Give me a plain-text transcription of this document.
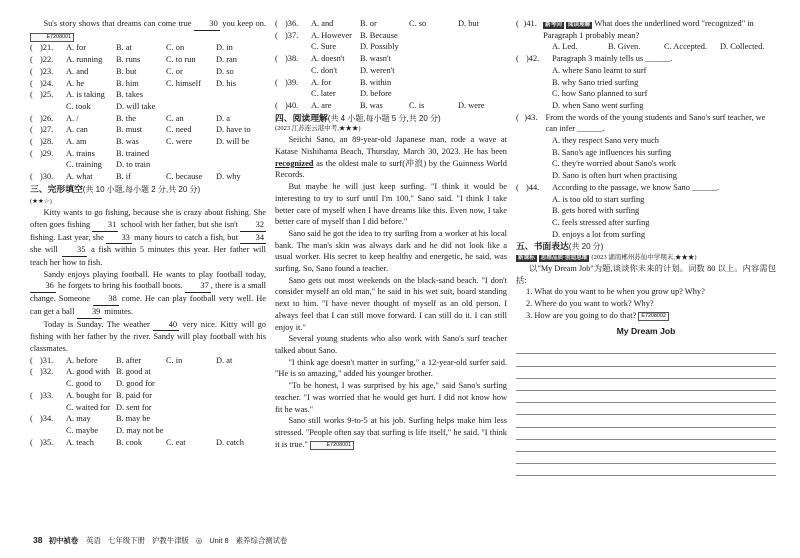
Su's story shows that dreams can come true 30 you keep on. E7208001
( )21.	A. for	B. at	C. on	D. in
( )22.	A. running	B. runs	C. to run	D. ran
( )23.	A. and	B. but	C. or	D. so
( )24.	A. he	B. him	C. himself	D. his
( )25.	A. is taking	B. takes
C. took	D. will take
( )26.	A. /	B. the	C. an	D. a
( )27.	A. can	B. must	C. need	D. have to
( )28.	A. am	B. was	C. were	D. will be
( )29.	A. trains	B. trained
C. training	D. to train
( )30.	A. what	B. if	C. because	D. why
三、完形填空(共 10 小题,每小题 2 分,共 20 分)
(★★☆)
Kitty wants to go fishing, because she is crazy about fishing. She often goes fishing 31 school with her father, but she isn't 32 fishing. Last year, she 33 many hours to catch a fish, but 34 she will 35 a fish within 5 minutes this year. Her father will teach her how to fish.
Sandy enjoys playing football. He wants to play football today, 36 he forgets to bring his football boots. 37 , there is a small change. Someone 38 come. He can play football very well. He can get a ball 39 minutes.
Today is Sunday. The weather 40 very nice. Kitty will go fishing with her father by the river. Sandy will play football with his classmates.
( )31.	A. before	B. after	C. in	D. at
( )32.	A. good with B. good at
C. good to	D. good for
( )33.	A. bought for B. paid for
C. waited for D. sent for
( )34.	A. may	B. may be
C. maybe	D. may not be
( )35.	A. teach	B. cook	C. eat	D. catch
( )36.	A. and	B. or	C. so	D. but
( )37.	A. However B. Because
C. Sure	D. Possibly
( )38.	A. doesn't	B. wasn't
C. don't	D. weren't
( )39.	A. for	B. within
C. later	D. before
( )40.	A. are	B. was	C. is	D. were
四、阅读理解(共 4 小题,每小题 5 分,共 20 分)
(2023 江苏连云港中考,★★★)
Seiichi Sano, an 89-year-old Japanese man, rode a wave at Katase Nishihama Beach, Thursday, March 30, 2023. He has been recognized as the oldest male to surf(冲浪) by the Guinness World Records.
But maybe he will just keep surfing. "I think it would be interesting to try to surf until I'm 100," Sano said. "I think I take better care of myself when I have dreams like this. Even now, I take better care of myself than I did before."
Sano said he got the idea to try surfing from a worker at his local bank. The man's skin was always dark and he did not look like a usual worker. His secret to keep healthy and energetic, he said, was surfing. So, Sano found a teacher.
Sano gets out most weekends on the black-sand beach. "I don't consider myself an old man," he said in his wet suit, board standing next to him. "I have never thought of myself as an old person. I always feel that I can still move forward. I can still do it. I can still enjoy it."
Several young students who also work with Sano's surf teacher talked about Sano.
"I think age doesn't matter in surfing," a 12-year-old surfer said. "He is so amazing," added his younger brother.
"To be honest, I was surprised by his age," said Sano's surfing teacher. "I was worried that he would get hurt. I did not know how fit he was."
Sano still works 9-to-5 at his job. Surfing helps make him less stressed. "People often say that surfing is life itself," he said. "I think it is true."	E7208001
( )41.	新考向 阅读理解 What does the underlined word "recognized" in Paragraph 1 probably mean?
A. Led.	B. Given.	C. Accepted.	D. Collected.
( )42.	Paragraph 3 mainly tells us ______.
A. where Sano learnt to surf
B. why Sano tried surfing
C. how Sano planned to surf
D. when Sano went surfing
( )43. From the words of the young students and Sano's surf teacher, we can infer ______.
A. they respect Sano very much
B. Sano's age influences his surfing
C. they're worried about Sano's work
D. Sano is often hurt when practising
( )44.	According to the passage, we know Sano ______.
A. is too old to start surfing
B. gets bored with surfing
C. feels stressed after surfing
D. enjoys a lot from surfing
五、书面表达(共 20 分)
新课标 思维品质·创造思维 (2023 湖南郴州苏仙中学期末,★★★)
以"My Dream Job"为题,谈谈你未来的计划。词数 80 以上。内容需包括:
1. What do you want to be when you grow up? Why?
2. Where do you want to work? Why?
3. How are you going to do that? E7208002
My Dream Job
38 初中祯卷 英语 七年级下册 沪教牛津版 ◎ Unit 8 素养综合测试卷
